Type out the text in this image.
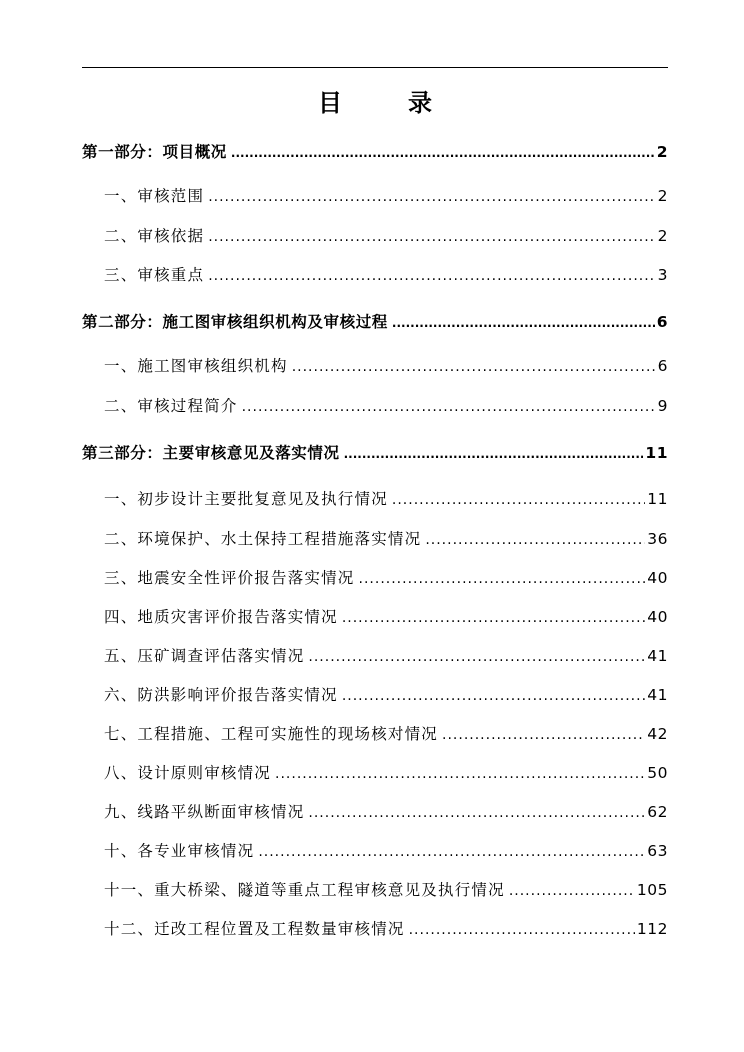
目	录
第一部分：项目概况 .....	2
一、审核范围 .....	2
二、审核依据 .....	2
三、审核重点 .....	3
第二部分：施工图审核组织机构及审核过程 .....	6
一、施工图审核组织机构 .....	6
二、审核过程简介 .....	9
第三部分：主要审核意见及落实情况 .....	11
一、初步设计主要批复意见及执行情况 .....	11
二、环境保护、水土保持工程措施落实情况 .....	36
三、地震安全性评价报告落实情况 .....	40
四、地质灾害评价报告落实情况 .....	40
五、压矿调查评估落实情况 .....	41
六、防洪影响评价报告落实情况 .....	41
七、工程措施、工程可实施性的现场核对情况 .....	42
八、设计原则审核情况 .....	50
九、线路平纵断面审核情况 .....	62
十、各专业审核情况 .....	63
十一、重大桥梁、隧道等重点工程审核意见及执行情况 .....	105
十二、迁改工程位置及工程数量审核情况 .....	112
